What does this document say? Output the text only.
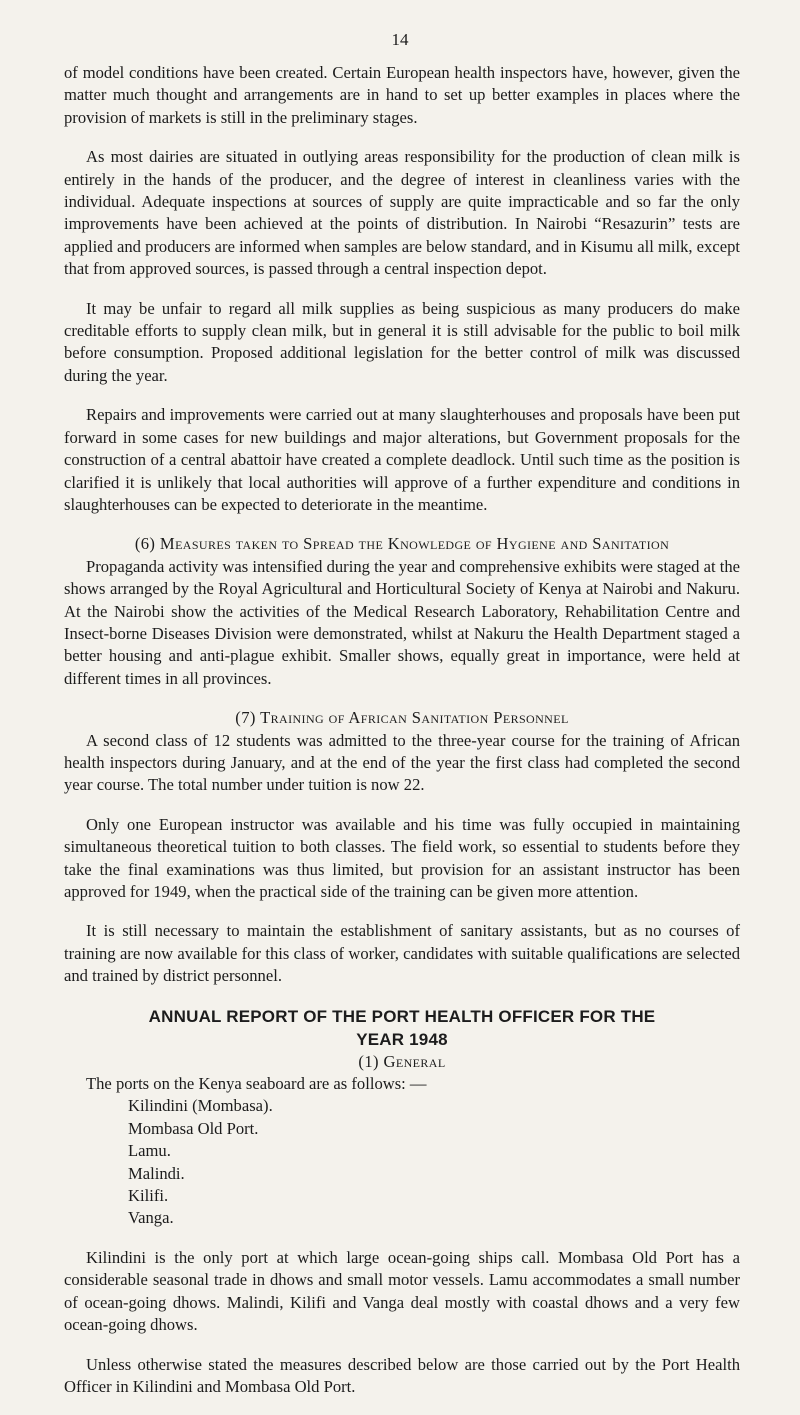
14

of model conditions have been created. Certain European health inspectors have, however, given the matter much thought and arrangements are in hand to set up better examples in places where the provision of markets is still in the preliminary stages.

As most dairies are situated in outlying areas responsibility for the production of clean milk is entirely in the hands of the producer, and the degree of interest in cleanliness varies with the individual. Adequate inspections at sources of supply are quite impracticable and so far the only improvements have been achieved at the points of distribution. In Nairobi “Resazurin” tests are applied and producers are informed when samples are below standard, and in Kisumu all milk, except that from approved sources, is passed through a central inspection depot.

It may be unfair to regard all milk supplies as being suspicious as many producers do make creditable efforts to supply clean milk, but in general it is still advisable for the public to boil milk before consumption. Proposed additional legislation for the better control of milk was discussed during the year.

Repairs and improvements were carried out at many slaughterhouses and proposals have been put forward in some cases for new buildings and major alterations, but Government proposals for the construction of a central abattoir have created a complete deadlock. Until such time as the position is clarified it is unlikely that local authorities will approve of a further expenditure and conditions in slaughterhouses can be expected to deteriorate in the meantime.

(6) Measures taken to Spread the Knowledge of Hygiene and Sanitation

Propaganda activity was intensified during the year and comprehensive exhibits were staged at the shows arranged by the Royal Agricultural and Horticultural Society of Kenya at Nairobi and Nakuru. At the Nairobi show the activities of the Medical Research Laboratory, Rehabilitation Centre and Insect-borne Diseases Division were demonstrated, whilst at Nakuru the Health Department staged a better housing and anti-plague exhibit. Smaller shows, equally great in importance, were held at different times in all provinces.

(7) Training of African Sanitation Personnel

A second class of 12 students was admitted to the three-year course for the training of African health inspectors during January, and at the end of the year the first class had completed the second year course. The total number under tuition is now 22.

Only one European instructor was available and his time was fully occupied in maintaining simultaneous theoretical tuition to both classes. The field work, so essential to students before they take the final examinations was thus limited, but provision for an assistant instructor has been approved for 1949, when the practical side of the training can be given more attention.

It is still necessary to maintain the establishment of sanitary assistants, but as no courses of training are now available for this class of worker, candidates with suitable qualifications are selected and trained by district personnel.

ANNUAL REPORT OF THE PORT HEALTH OFFICER FOR THE
YEAR 1948
(1) General

The ports on the Kenya seaboard are as follows: —

Kilindini (Mombasa).
Mombasa Old Port.
Lamu.
Malindi.
Kilifi.
Vanga.

Kilindini is the only port at which large ocean-going ships call. Mombasa Old Port has a considerable seasonal trade in dhows and small motor vessels. Lamu accommodates a small number of ocean-going dhows. Malindi, Kilifi and Vanga deal mostly with coastal dhows and a very few ocean-going dhows.

Unless otherwise stated the measures described below are those carried out by the Port Health Officer in Kilindini and Mombasa Old Port.
